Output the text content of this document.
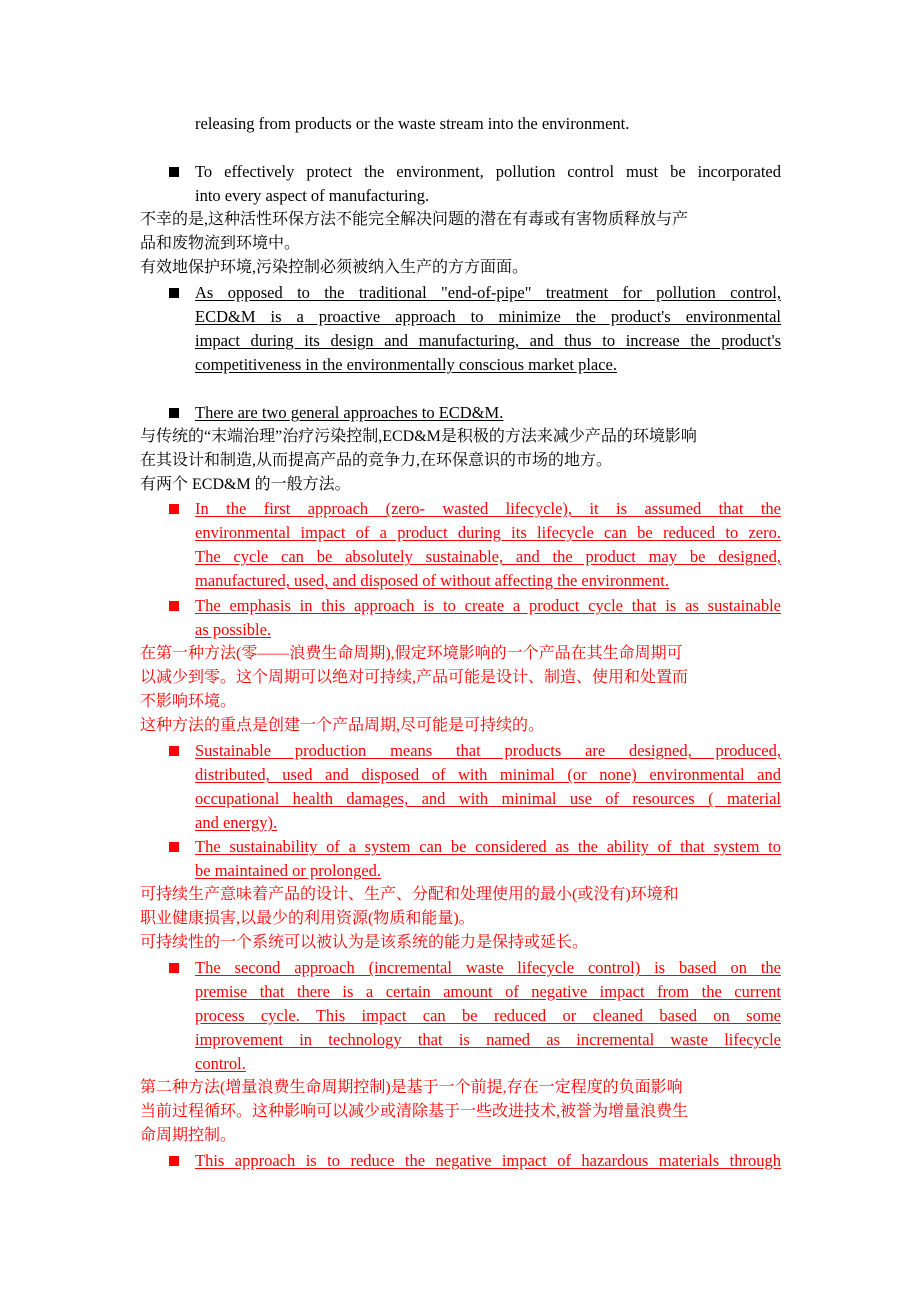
releasing from products or the waste stream into the environment.
To effectively protect the environment, pollution control must be incorporated
into every aspect of manufacturing.
不幸的是,这种活性环保方法不能完全解决问题的潜在有毒或有害物质释放与产
品和废物流到环境中。
有效地保护环境,污染控制必须被纳入生产的方方面面。
As opposed to the traditional "end-of-pipe" treatment for pollution control,
ECD&M is a proactive approach to minimize the product's environmental
impact during its design and manufacturing, and thus to increase the product's
competitiveness in the environmentally conscious market place.
There are two general approaches to ECD&M.
与传统的“末端治理”治疗污染控制,ECD&M是积极的方法来减少产品的环境影响
在其设计和制造,从而提高产品的竞争力,在环保意识的市场的地方。
有两个 ECD&M 的一般方法。
In the first approach (zero- wasted lifecycle), it is assumed that the
environmental impact of a product during its lifecycle can be reduced to zero.
The cycle can be absolutely sustainable, and the product may be designed,
manufactured, used, and disposed of without affecting the environment.
The emphasis in this approach is to create a product cycle that is as sustainable
as possible.
在第一种方法(零——浪费生命周期),假定环境影响的一个产品在其生命周期可
以减少到零。这个周期可以绝对可持续,产品可能是设计、制造、使用和处置而
不影响环境。
这种方法的重点是创建一个产品周期,尽可能是可持续的。
Sustainable production means that products are designed, produced,
distributed, used and disposed of with minimal (or none) environmental and
occupational health damages, and with minimal use of resources ( material
and energy).
The sustainability of a system can be considered as the ability of that system to
be maintained or prolonged.
可持续生产意味着产品的设计、生产、分配和处理使用的最小(或没有)环境和
职业健康损害,以最少的利用资源(物质和能量)。
可持续性的一个系统可以被认为是该系统的能力是保持或延长。
The second approach (incremental waste lifecycle control) is based on the
premise that there is a certain amount of negative impact from the current
process cycle. This impact can be reduced or cleaned based on some
improvement in technology that is named as incremental waste lifecycle
control.
第二种方法(增量浪费生命周期控制)是基于一个前提,存在一定程度的负面影响
当前过程循环。这种影响可以减少或清除基于一些改进技术,被誉为增量浪费生
命周期控制。
This approach is to reduce the negative impact of hazardous materials through
